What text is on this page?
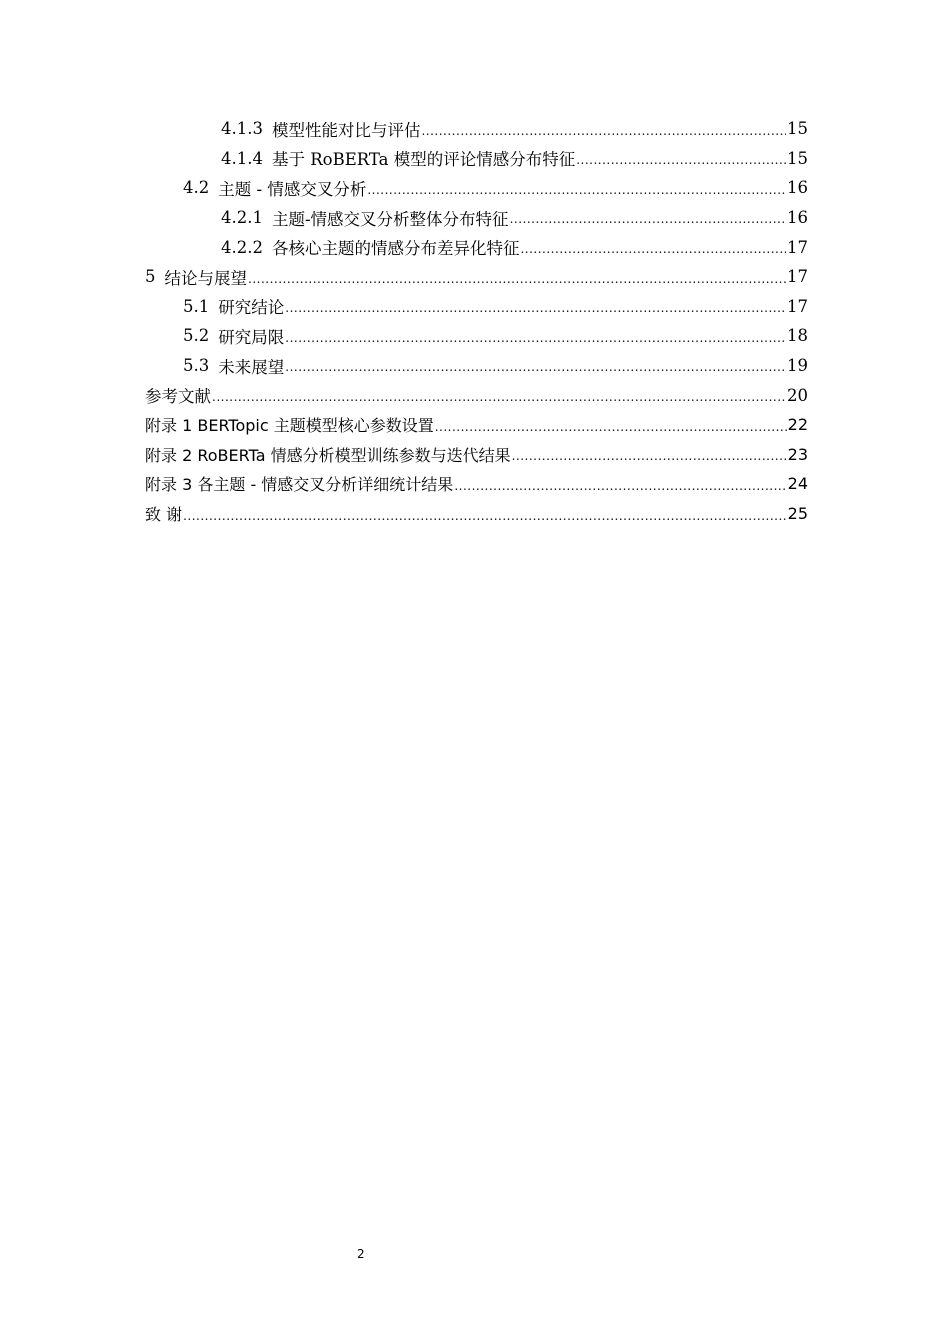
4.1.3 模型性能对比与评估 .....	15
4.1.4 基于 RoBERTa 模型的评论情感分布特征 .....	15
4.2 主题 - 情感交叉分析 .....	16
4.2.1 主题-情感交叉分析整体分布特征 .....	16
4.2.2 各核心主题的情感分布差异化特征 .....	17
5 结论与展望 .....	17
5.1 研究结论 .....	17
5.2 研究局限 .....	18
5.3 未来展望 .....	19
参考文献 .....	20
附录 1 BERTopic 主题模型核心参数设置 .....	22
附录 2 RoBERTa 情感分析模型训练参数与迭代结果 .....	23
附录 3 各主题 - 情感交叉分析详细统计结果 .....	24
致 谢 .....	25
2
